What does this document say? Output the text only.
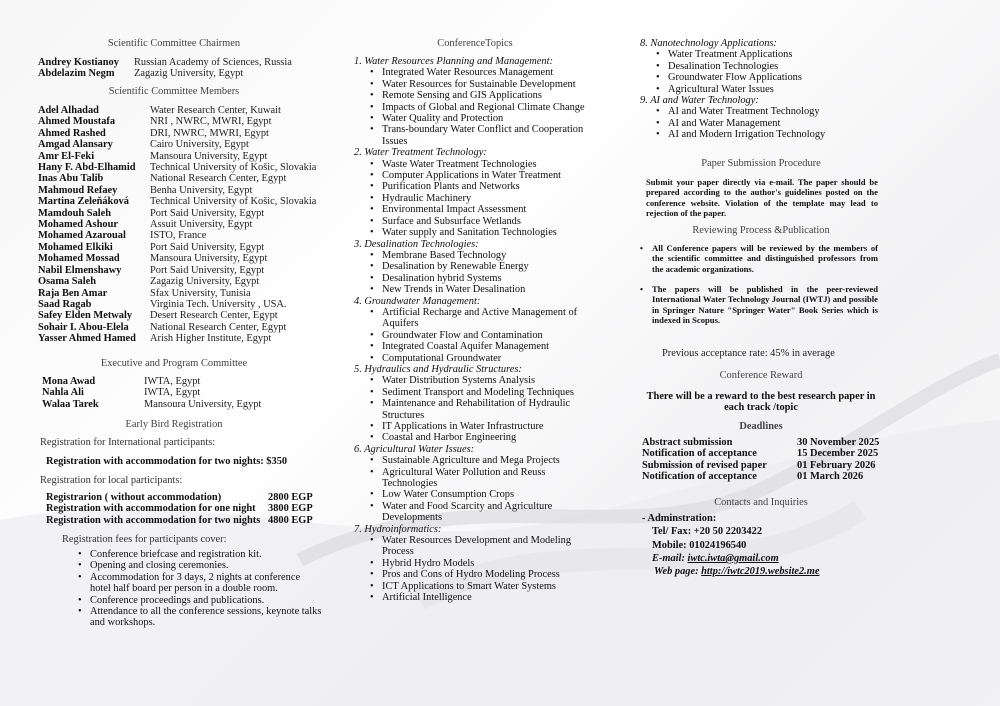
Scientific Committee Chairmen
Andrey Kostianoy	Russian Academy of Sciences, Russia
Abdelazim Negm	Zagazig University, Egypt
Scientific Committee Members
Adel Alhadad	Water Research Center, Kuwait
Ahmed Moustafa	NRI , NWRC, MWRI, Egypt
Ahmed Rashed	DRI, NWRC, MWRI, Egypt
Amgad Alansary	Cairo University, Egypt
Amr El-Feki	Mansoura University, Egypt
Hany F. Abd-Elhamid	Technical University of Košic, Slovakia
Inas Abu Talib	National Research Center, Egypt
Mahmoud Refaey	Benha University, Egypt
Martina Zeleňáková	Technical University of Košic, Slovakia
Mamdouh Saleh	Port Said University, Egypt
Mohamed Ashour	Assuit University, Egypt
Mohamed Azaroual	ISTO, France
Mohamed Elkiki	Port Said University, Egypt
Mohamed Mossad	Mansoura University, Egypt
Nabil Elmenshawy	Port Said University, Egypt
Osama Saleh	Zagazig University, Egypt
Raja Ben Amar	Sfax University, Tunisia
Saad Ragab	Virginia Tech. University , USA.
Safey Elden Metwaly	Desert Research Center, Egypt
Sohair I. Abou-Elela	National Research Center, Egypt
Yasser Ahmed Hamed	Arish Higher Institute, Egypt
Executive and Program Committee
Mona Awad	IWTA, Egypt
Nahla Ali	IWTA, Egypt
Walaa Tarek	Mansoura University, Egypt
Early Bird Registration
Registration for International participants:
Registration with accommodation for two nights: $350
Registration for local participants:
Registrarion ( without accommodation)	2800 EGP
Registration with accommodation for one night	3800 EGP
Registration with accommodation for two nights 4800 EGP
Registration fees for participants cover:
• Conference briefcase and registration kit.
• Opening and closing ceremonies.
• Accommodation for 3 days, 2 nights at conference hotel half board per person in a double room.
• Conference proceedings and publications.
• Attendance to all the conference sessions, keynote talks and workshops.
ConferenceTopics
1. Water Resources Planning and Management:
• Integrated Water Resources Management
• Water Resources for Sustainable Development
• Remote Sensing and GIS Applications
• Impacts of Global and Regional Climate Change
• Water Quality and Protection
• Trans-boundary Water Conflict and Cooperation Issues
2. Water Treatment Technology:
• Waste Water Treatment Technologies
• Computer Applications in Water Treatment
• Purification Plants and Networks
• Hydraulic Machinery
• Environmental Impact Assessment
• Surface and Subsurface Wetlands
• Water supply and Sanitation Technologies
3. Desalination Technologies:
• Membrane Based Technology
• Desalination by Renewable Energy
• Desalination hybrid Systems
• New Trends in Water Desalination
4. Groundwater Management:
• Artificial Recharge and Active Management of Aquifers
• Groundwater Flow and Contamination
• Integrated Coastal Aquifer Management
• Computational Groundwater
5. Hydraulics and Hydraulic Structures:
• Water Distribution Systems Analysis
• Sediment Transport and Modeling Techniques
• Maintenance and Rehabilitation of Hydraulic Structures
• IT Applications in Water Infrastructure
• Coastal and Harbor Engineering
6. Agricultural Water Issues:
• Sustainable Agriculture and Mega Projects
• Agricultural Water Pollution and Reuss Technologies
• Low Water Consumption Crops
• Water and Food Scarcity and Agriculture Developments
7. Hydroinformatics:
• Water Resources Development and Modeling Process
• Hybrid Hydro Models
• Pros and Cons of Hydro Modeling Process
• ICT Applications to Smart Water Systems
• Artificial Intelligence
8. Nanotechnology Applications:
• Water Treatment Applications
• Desalination Technologies
• Groundwater Flow Applications
• Agricultural Water Issues
9. AI and Water Technology:
• AI and Water Treatment Technology
• AI and Water Management
• AI and Modern Irrigation Technology
Paper Submission Procedure
Submit your paper directly via e-mail. The paper should be prepared according to the author's guidelines posted on the conference website. Violation of the template may lead to rejection of the paper.
Reviewing Process &Publication
•	All Conference papers will be reviewed by the members of the scientific committee and distinguished professors from the academic organizations.
•	The papers will be published in the peer-reviewed International Water Technology Journal (IWTJ) and possible in Springer Nature "Springer Water" Book Series which is indexed in Scopus.
Previous acceptance rate: 45% in average
Conference Reward
There will be a reward to the best research paper in each track /topic
Deadlines
Abstract submission	30 November 2025
Notification of acceptance	15 December 2025
Submission of revised paper	01 February 2026
Notification of acceptance	01 March 2026
Contacts and Inquiries
- Adminstration:
Tel/ Fax: +20 50 2203422
Mobile: 01024196540
E-mail: iwtc.iwta@gmail.com
Web page: http://iwtc2019.website2.me
